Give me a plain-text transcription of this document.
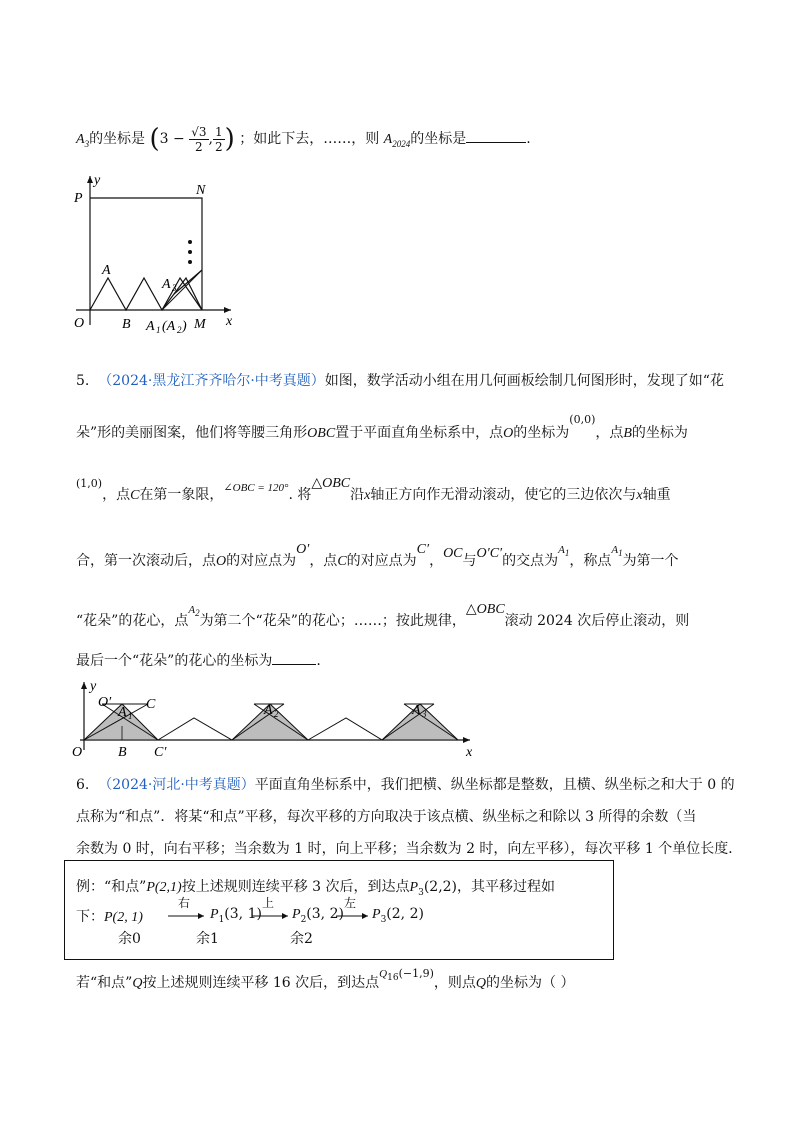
$A_3$的坐标是 ($3 - \frac{√3}{2}$ , $\frac{1}{2}$ ) ；如此下去，……，则 $A_{2024}$的坐标是	.
y
P
N
A
A 3
O	B A 1 (A 2 ) M x
5. （2024·黑龙江齐齐哈尔·中考真题）如图，数学活动小组在用几何画板绘制几何图形时，发现了如“花
朵”形的美丽图案，他们将等腰三角形OBC置于平面直角坐标系中，点O的坐标为$^{(0,0)}$，点B的坐标为
$^{(1,0)}$，点C在第一象限，$^{\angle OBC = 120^\circ}$. 将△OBC沿x轴正方向作无滑动滚动，使它的三边依次与x轴重
合，第一次滚动后，点O的对应点为O′，点C的对应点为C′，OC与O′C′的交点为$^{A_1}$，称点$^{A_1}$为第一个
“花朵”的花心，点$^{A_2}$为第二个“花朵”的花心；……；按此规律，△OBC滚动 2024 次后停止滚动，则
最后一个“花朵”的花心的坐标为	.
y
O′
A 1
C	A 2	A 3
O	B C′	x
6. （2024·河北·中考真题）平面直角坐标系中，我们把横、纵坐标都是整数，且横、纵坐标之和大于 0 的
点称为“和点”．将某“和点”平移，每次平移的方向取决于该点横、纵坐标之和除以 3 所得的余数（当
余数为 0 时，向右平移；当余数为 1 时，向上平移；当余数为 2 时，向左平移），每次平移 1 个单位长度．
例：“和点”P(2,1)按上述规则连续平移 3 次后，到达点$P_3(2,2)$，其平移过程如
下：P(2, 1)
右	上	左
$P_1(3$, 1) $P_2(3$, 2) $P_3(2$, 2)
余0	余1	余2
若“和点”Q按上述规则连续平移 16 次后，到达点$^{Q_{16}(-1,9)}$，则点Q的坐标为（ ）
